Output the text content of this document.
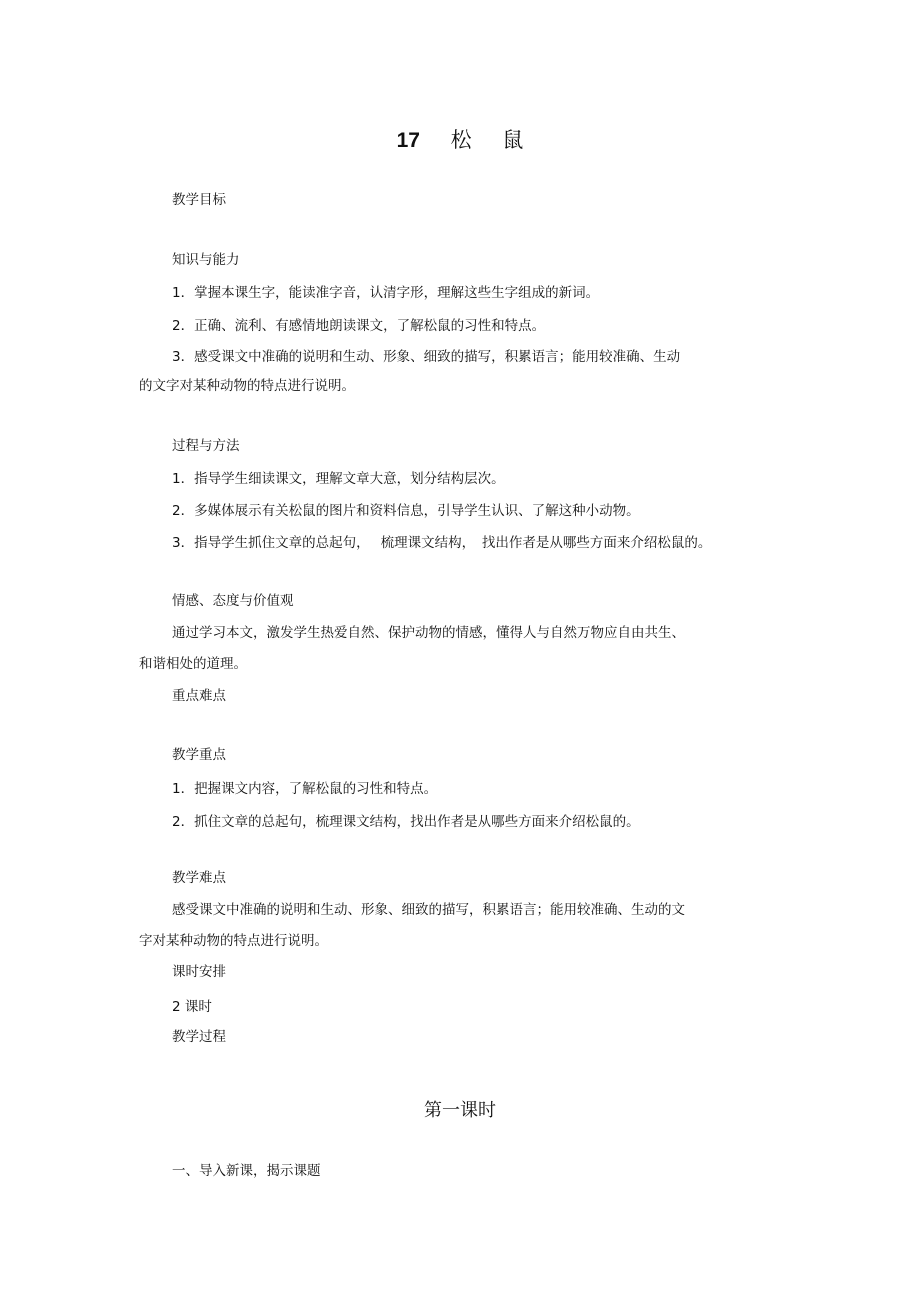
17 松 鼠
教学目标
知识与能力
1．掌握本课生字，能读准字音，认清字形，理解这些生字组成的新词。
2．正确、流利、有感情地朗读课文，了解松鼠的习性和特点。
3．感受课文中准确的说明和生动、形象、细致的描写，积累语言；能用较准确、生动
的文字对某种动物的特点进行说明。
过程与方法
1．指导学生细读课文，理解文章大意，划分结构层次。
2．多媒体展示有关松鼠的图片和资料信息，引导学生认识、了解这种小动物。
3．指导学生抓住文章的总起句，　 梳理课文结构，　找出作者是从哪些方面来介绍松鼠的。
情感、态度与价值观
通过学习本文，激发学生热爱自然、保护动物的情感，懂得人与自然万物应自由共生、
和谐相处的道理。
重点难点
教学重点
1．把握课文内容，了解松鼠的习性和特点。
2．抓住文章的总起句，梳理课文结构，找出作者是从哪些方面来介绍松鼠的。
教学难点
感受课文中准确的说明和生动、形象、细致的描写，积累语言；能用较准确、生动的文
字对某种动物的特点进行说明。
课时安排
2 课时
教学过程
一、导入新课，揭示课题
第一课时
